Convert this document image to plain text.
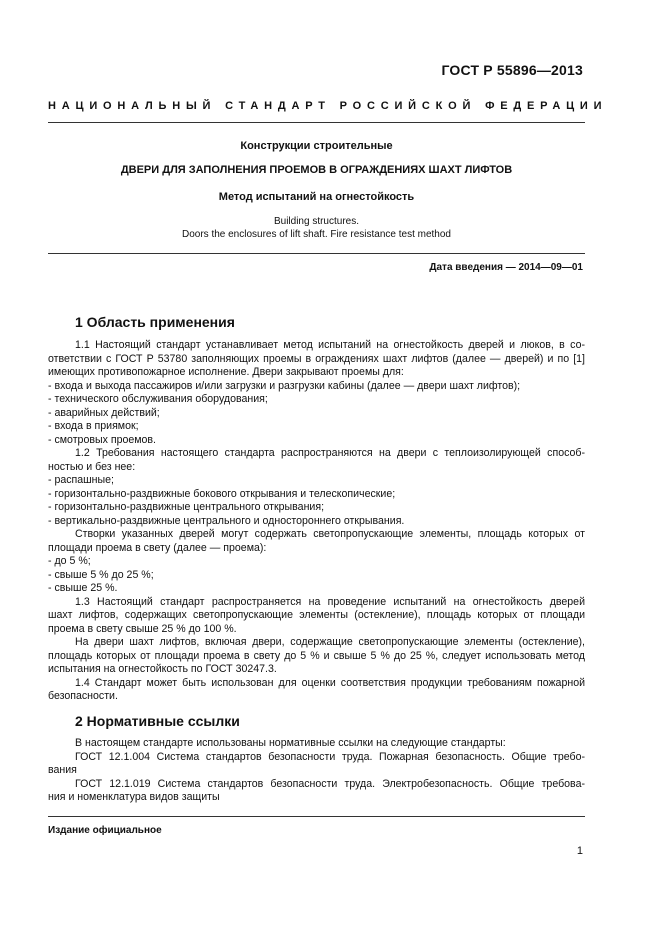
ГОСТ Р 55896—2013
НАЦИОНАЛЬНЫЙ СТАНДАРТ РОССИЙСКОЙ ФЕДЕРАЦИИ
Конструкции строительные
ДВЕРИ ДЛЯ ЗАПОЛНЕНИЯ ПРОЕМОВ В ОГРАЖДЕНИЯХ ШАХТ ЛИФТОВ
Метод испытаний на огнестойкость
Building structures.
Doors the enclosures of lift shaft. Fire resistance test method
Дата введения — 2014—09—01
1 Область применения
1.1 Настоящий стандарт устанавливает метод испытаний на огнестойкость дверей и люков, в со-
ответствии с ГОСТ Р 53780 заполняющих проемы в ограждениях шахт лифтов (далее — дверей) и по [1]
имеющих противопожарное исполнение. Двери закрывают проемы для:
- входа и выхода пассажиров и/или загрузки и разгрузки кабины (далее — двери шахт лифтов);
- технического обслуживания оборудования;
- аварийных действий;
- входа в приямок;
- смотровых проемов.
1.2 Требования настоящего стандарта распространяются на двери с теплоизолирующей способ-
ностью и без нее:
- распашные;
- горизонтально-раздвижные бокового открывания и телескопические;
- горизонтально-раздвижные центрального открывания;
- вертикально-раздвижные центрального и одностороннего открывания.
Створки указанных дверей могут содержать светопропускающие элементы, площадь которых от
площади проема в свету (далее — проема):
- до 5 %;
- свыше 5 % до 25 %;
- свыше 25 %.
1.3 Настоящий стандарт распространяется на проведение испытаний на огнестойкость дверей
шахт лифтов, содержащих светопропускающие элементы (остекление), площадь которых от площади
проема в свету свыше 25 % до 100 %.
На двери шахт лифтов, включая двери, содержащие светопропускающие элементы (остекление),
площадь которых от площади проема в свету до 5 % и свыше 5 % до 25 %, следует использовать метод
испытания на огнестойкость по ГОСТ 30247.3.
1.4 Стандарт может быть использован для оценки соответствия продукции требованиям пожарной
безопасности.
2 Нормативные ссылки
В настоящем стандарте использованы нормативные ссылки на следующие стандарты:
ГОСТ 12.1.004 Система стандартов безопасности труда. Пожарная безопасность. Общие требо-
вания
ГОСТ 12.1.019 Система стандартов безопасности труда. Электробезопасность. Общие требова-
ния и номенклатура видов защиты
Издание официальное
1
